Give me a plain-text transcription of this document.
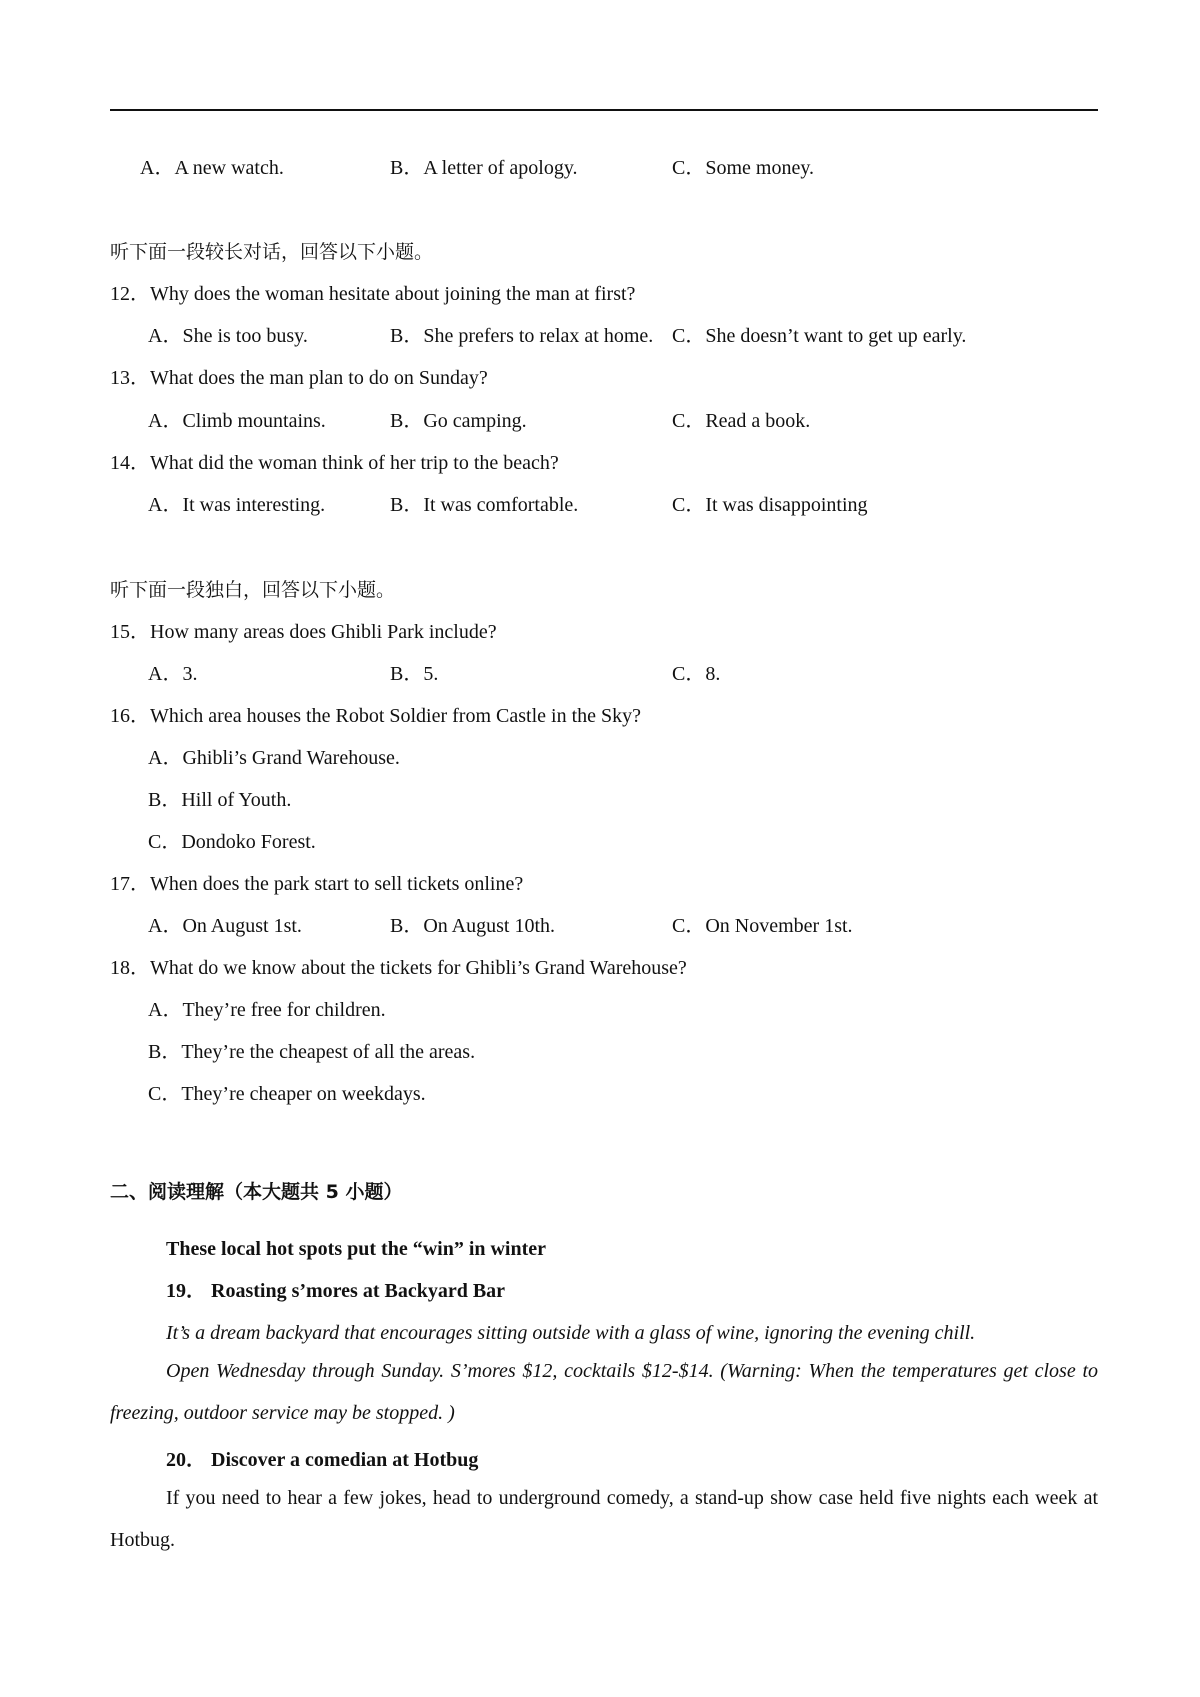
A．A new watch.	B．A letter of apology.	C．Some money.
听下面一段较长对话，回答以下小题。
12．Why does the woman hesitate about joining the man at first?
A．She is too busy.	B．She prefers to relax at home. C．She doesn’t want to get up early.
13．What does the man plan to do on Sunday?
A．Climb mountains.	B．Go camping.	C．Read a book.
14．What did the woman think of her trip to the beach?
A．It was interesting.	B．It was comfortable.	C．It was disappointing
听下面一段独白，回答以下小题。
15．How many areas does Ghibli Park include?
A．3.	B．5.	C．8.
16．Which area houses the Robot Soldier from Castle in the Sky?
A．Ghibli’s Grand Warehouse.
B．Hill of Youth.
C．Dondoko Forest.
17．When does the park start to sell tickets online?
A．On August 1st.	B．On August 10th.	C．On November 1st.
18．What do we know about the tickets for Ghibli’s Grand Warehouse?
A．They’re free for children.
B．They’re the cheapest of all the areas.
C．They’re cheaper on weekdays.
二、阅读理解（本大题共 5 小题）
These local hot spots put the “win” in winter
19． Roasting s’mores at Backyard Bar
It’s a dream backyard that encourages sitting outside with a glass of wine, ignoring the evening chill.
Open Wednesday through Sunday. S’mores $12, cocktails $12-$14. (Warning: When the temperatures get close to freezing, outdoor service may be stopped. )
20． Discover a comedian at Hotbug
If you need to hear a few jokes, head to underground comedy, a stand-up show case held five nights each week at Hotbug.
